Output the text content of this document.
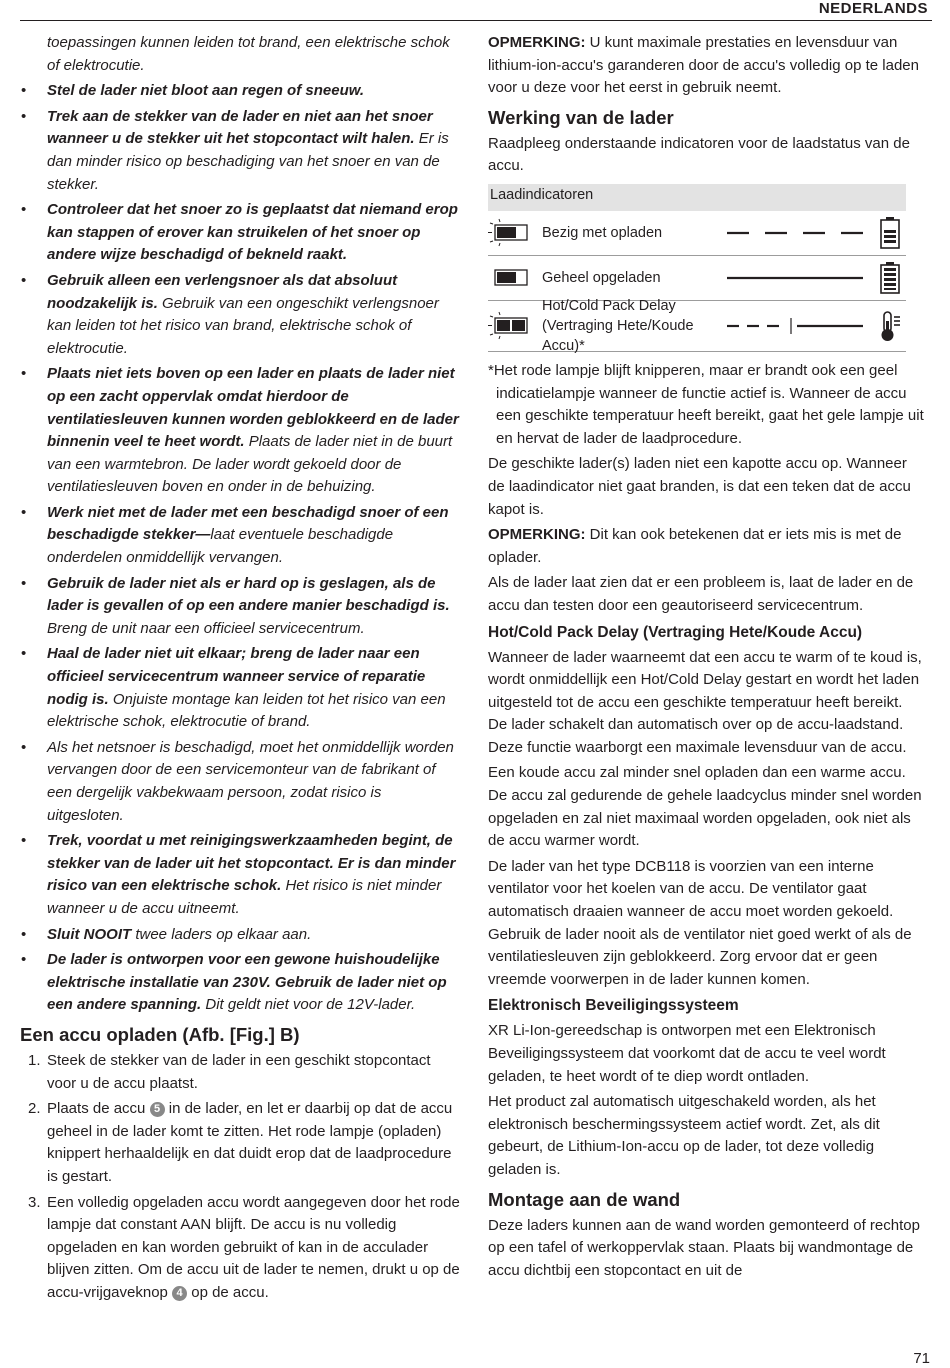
NEDERLANDS

toepassingen kunnen leiden tot brand, een elektrische schok of elektrocutie.

• Stel de lader niet bloot aan regen of sneeuw.
• Trek aan de stekker van de lader en niet aan het snoer wanneer u de stekker uit het stopcontact wilt halen. Er is dan minder risico op beschadiging van het snoer en van de stekker.
• Controleer dat het snoer zo is geplaatst dat niemand erop kan stappen of erover kan struikelen of het snoer op andere wijze beschadigd of bekneld raakt.
• Gebruik alleen een verlengsnoer als dat absoluut noodzakelijk is. Gebruik van een ongeschikt verlengsnoer kan leiden tot het risico van brand, elektrische schok of elektrocutie.
• Plaats niet iets boven op een lader en plaats de lader niet op een zacht oppervlak omdat hierdoor de ventilatiesleuven kunnen worden geblokkeerd en de lader binnenin veel te heet wordt. Plaats de lader niet in de buurt van een warmtebron. De lader wordt gekoeld door de ventilatiesleuven boven en onder in de behuizing.
• Werk niet met de lader met een beschadigd snoer of een beschadigde stekker—laat eventuele beschadigde onderdelen onmiddellijk vervangen.
• Gebruik de lader niet als er hard op is geslagen, als de lader is gevallen of op een andere manier beschadigd is. Breng de unit naar een officieel servicecentrum.
• Haal de lader niet uit elkaar; breng de lader naar een officieel servicecentrum wanneer service of reparatie nodig is. Onjuiste montage kan leiden tot het risico van een elektrische schok, elektrocutie of brand.
• Als het netsnoer is beschadigd, moet het onmiddellijk worden vervangen door de een servicemonteur van de fabrikant of een dergelijk vakbekwaam persoon, zodat risico is uitgesloten.
• Trek, voordat u met reinigingswerkzaamheden begint, de stekker van de lader uit het stopcontact. Er is dan minder risico van een elektrische schok. Het risico is niet minder wanneer u de accu uitneemt.
• Sluit NOOIT twee laders op elkaar aan.
• De lader is ontworpen voor een gewone huishoudelijke elektrische installatie van 230V. Gebruik de lader niet op een andere spanning. Dit geldt niet voor de 12V-lader.
Een accu opladen (Afb. [Fig.] B)
1. Steek de stekker van de lader in een geschikt stopcontact voor u de accu plaatst.
2. Plaats de accu 5 in de lader, en let er daarbij op dat de accu geheel in de lader komt te zitten. Het rode lampje (opladen) knippert herhaaldelijk en dat duidt erop dat de laadprocedure is gestart.
3. Een volledig opgeladen accu wordt aangegeven door het rode lampje dat constant AAN blijft. De accu is nu volledig opgeladen en kan worden gebruikt of kan in de acculader blijven zitten. Om de accu uit de lader te nemen, drukt u op de accu-vrijgaveknop 4 op de accu.

OPMERKING: U kunt maximale prestaties en levensduur van lithium-ion-accu's garanderen door de accu's volledig op te laden voor u deze voor het eerst in gebruik neemt.

Werking van de lader

Raadpleeg onderstaande indicatoren voor de laadstatus van de accu.

Laadindicatoren
Bezig met opladen
Geheel opgeladen
Hot/Cold Pack Delay
(Vertraging Hete/Koude Accu)*

*Het rode lampje blijft knipperen, maar er brandt ook een geel indicatielampje wanneer de functie actief is. Wanneer de accu een geschikte temperatuur heeft bereikt, gaat het gele lampje uit en hervat de lader de laadprocedure.

De geschikte lader(s) laden niet een kapotte accu op. Wanneer de laadindicator niet gaat branden, is dat een teken dat de accu kapot is.

OPMERKING: Dit kan ook betekenen dat er iets mis is met de oplader.

Als de lader laat zien dat er een probleem is, laat de lader en de accu dan testen door een geautoriseerd servicecentrum.

Hot/Cold Pack Delay (Vertraging Hete/Koude Accu)

Wanneer de lader waarneemt dat een accu te warm of te koud is, wordt onmiddellijk een Hot/Cold Delay gestart en wordt het laden uitgesteld tot de accu een geschikte temperatuur heeft bereikt. De lader schakelt dan automatisch over op de accu-laadstand. Deze functie waarborgt een maximale levensduur van de accu.

Een koude accu zal minder snel opladen dan een warme accu. De accu zal gedurende de gehele laadcyclus minder snel worden opgeladen en zal niet maximaal worden opgeladen, ook niet als de accu warmer wordt.

De lader van het type DCB118 is voorzien van een interne ventilator voor het koelen van de accu. De ventilator gaat automatisch draaien wanneer de accu moet worden gekoeld. Gebruik de lader nooit als de ventilator niet goed werkt of als de ventilatiesleuven zijn geblokkeerd. Zorg ervoor dat er geen vreemde voorwerpen in de lader kunnen komen.

Elektronisch Beveiligingssysteem

XR Li-Ion-gereedschap is ontworpen met een Elektronisch Beveiligingssysteem dat voorkomt dat de accu te veel wordt geladen, te heet wordt of te diep wordt ontladen.

Het product zal automatisch uitgeschakeld worden, als het elektronisch beschermingssysteem actief wordt. Zet, als dit gebeurt, de Lithium-Ion-accu op de lader, tot deze volledig geladen is.

Montage aan de wand

Deze laders kunnen aan de wand worden gemonteerd of rechtop op een tafel of werkoppervlak staan. Plaats bij wandmontage de accu dichtbij een stopcontact en uit de

71
